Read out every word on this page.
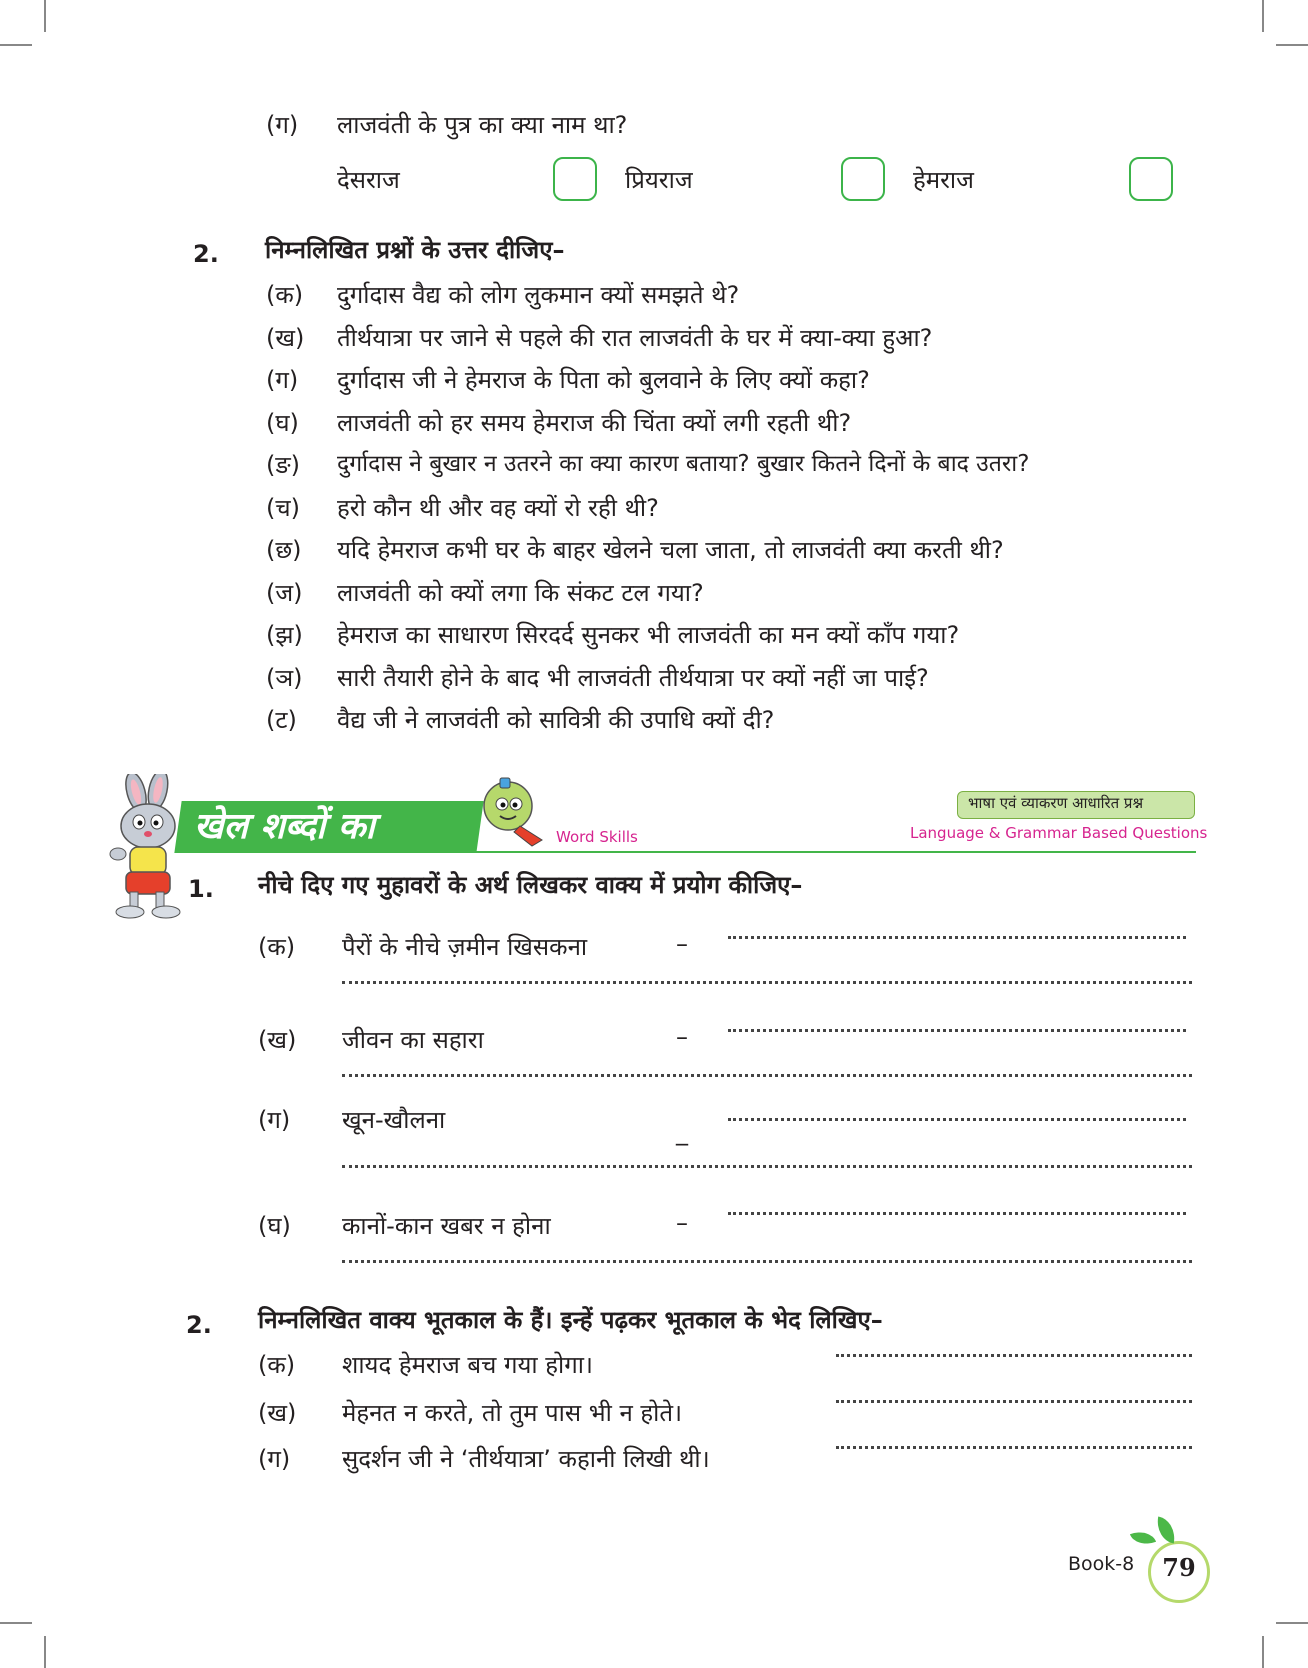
(ग) लाजवंती के पुत्र का क्या नाम था?
देसराज	प्रियराज	हेमराज
2. निम्नलिखित प्रश्नों के उत्तर दीजिए–
(क) दुर्गादास वैद्य को लोग लुकमान क्यों समझते थे?
(ख) तीर्थयात्रा पर जाने से पहले की रात लाजवंती के घर में क्या-क्या हुआ?
(ग) दुर्गादास जी ने हेमराज के पिता को बुलवाने के लिए क्यों कहा?
(घ) लाजवंती को हर समय हेमराज की चिंता क्यों लगी रहती थी?
(ङ) दुर्गादास ने बुखार न उतरने का क्या कारण बताया? बुखार कितने दिनों के बाद उतरा?
(च) हरो कौन थी और वह क्यों रो रही थी?
(छ) यदि हेमराज कभी घर के बाहर खेलने चला जाता, तो लाजवंती क्या करती थी?
(ज) लाजवंती को क्यों लगा कि संकट टल गया?
(झ) हेमराज का साधारण सिरदर्द सुनकर भी लाजवंती का मन क्यों काँप गया?
(ञ) सारी तैयारी होने के बाद भी लाजवंती तीर्थयात्रा पर क्यों नहीं जा पाई?
(ट) वैद्य जी ने लाजवंती को सावित्री की उपाधि क्यों दी?
खेल शब्दों का	Word Skills
भाषा एवं व्याकरण आधारित प्रश्न
Language & Grammar Based Questions
1. नीचे दिए गए मुहावरों के अर्थ लिखकर वाक्य में प्रयोग कीजिए–
(क) पैरों के नीचे ज़मीन खिसकना	–
(ख) जीवन का सहारा	–
(ग) खून-खौलना	_
(घ) कानों-कान खबर न होना	–
2. निम्नलिखित वाक्य भूतकाल के हैं। इन्हें पढ़कर भूतकाल के भेद लिखिए–
(क) शायद हेमराज बच गया होगा।
(ख) मेहनत न करते, तो तुम पास भी न होते।
(ग) सुदर्शन जी ने ‘तीर्थयात्रा’ कहानी लिखी थी।
Book-8	79
